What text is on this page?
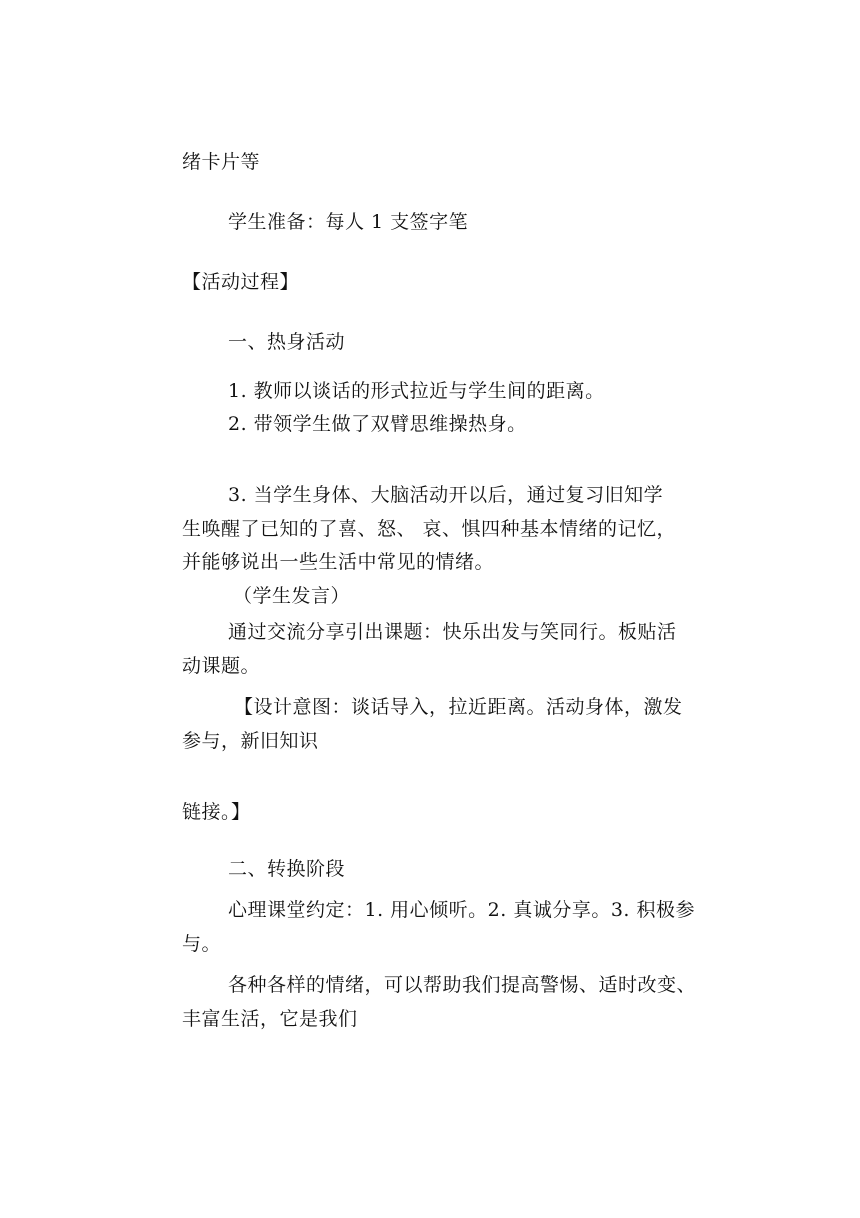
绪卡片等
学生准备：每人 1 支签字笔
【活动过程】
一、热身活动
1. 教师以谈话的形式拉近与学生间的距离。
2. 带领学生做了双臂思维操热身。
3. 当学生身体、大脑活动开以后，通过复习旧知学
生唤醒了已知的了喜、怒、 哀、惧四种基本情绪的记忆，
并能够说出一些生活中常见的情绪。
（学生发言）
通过交流分享引出课题：快乐出发与笑同行。板贴活
动课题。
【设计意图：谈话导入，拉近距离。活动身体，激发
参与，新旧知识
链接。】
二、转换阶段
心理课堂约定：1. 用心倾听。2. 真诚分享。3. 积极参
与。
各种各样的情绪，可以帮助我们提高警惕、适时改变、
丰富生活，它是我们
